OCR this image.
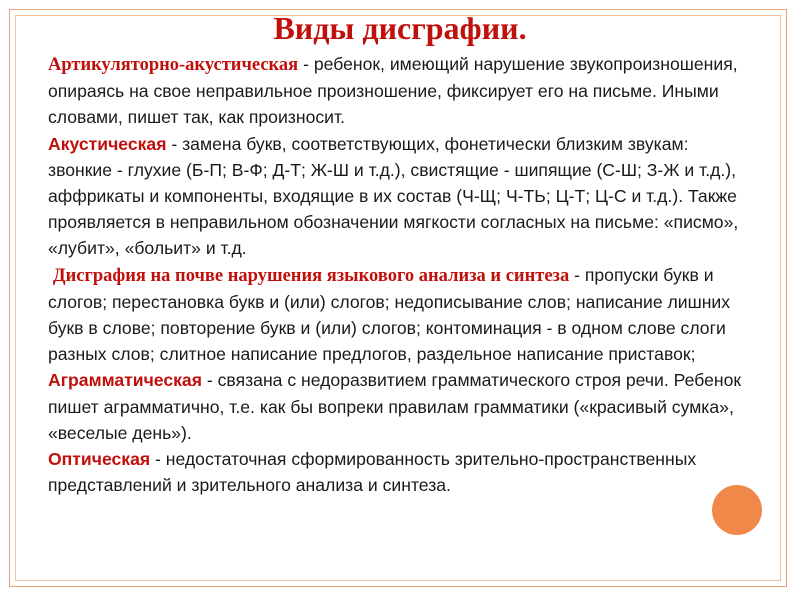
Виды дисграфии.

Артикуляторно-акустическая - ребенок, имеющий нарушение звукопроизношения, опираясь на свое неправильное произношение, фиксирует его на письме. Иными словами, пишет так, как произносит.

Акустическая - замена букв, соответствующих, фонетически близким звукам: звонкие - глухие (Б-П; В-Ф; Д-Т; Ж-Ш и т.д.), свистящие - шипящие (С-Ш; З-Ж и т.д.), аффрикаты и компоненты, входящие в их состав (Ч-Щ; Ч-ТЬ; Ц-Т; Ц-С и т.д.). Также проявляется в неправильном обозначении мягкости согласных на письме: «писмо», «лубит», «больит» и т.д.

Дисграфия на почве нарушения языкового анализа и синтеза - пропуски букв и слогов; перестановка букв и (или) слогов; недописывание слов; написание лишних букв в слове; повторение букв и (или) слогов; контоминация - в одном слове слоги разных слов; слитное написание предлогов, раздельное написание приставок;

Аграмматическая - связана с недоразвитием грамматического строя речи. Ребенок пишет аграмматично, т.е. как бы вопреки правилам грамматики («красивый сумка», «веселые день»).

Оптическая - недостаточная сформированность зрительно-пространственных представлений и зрительного анализа и синтеза.
